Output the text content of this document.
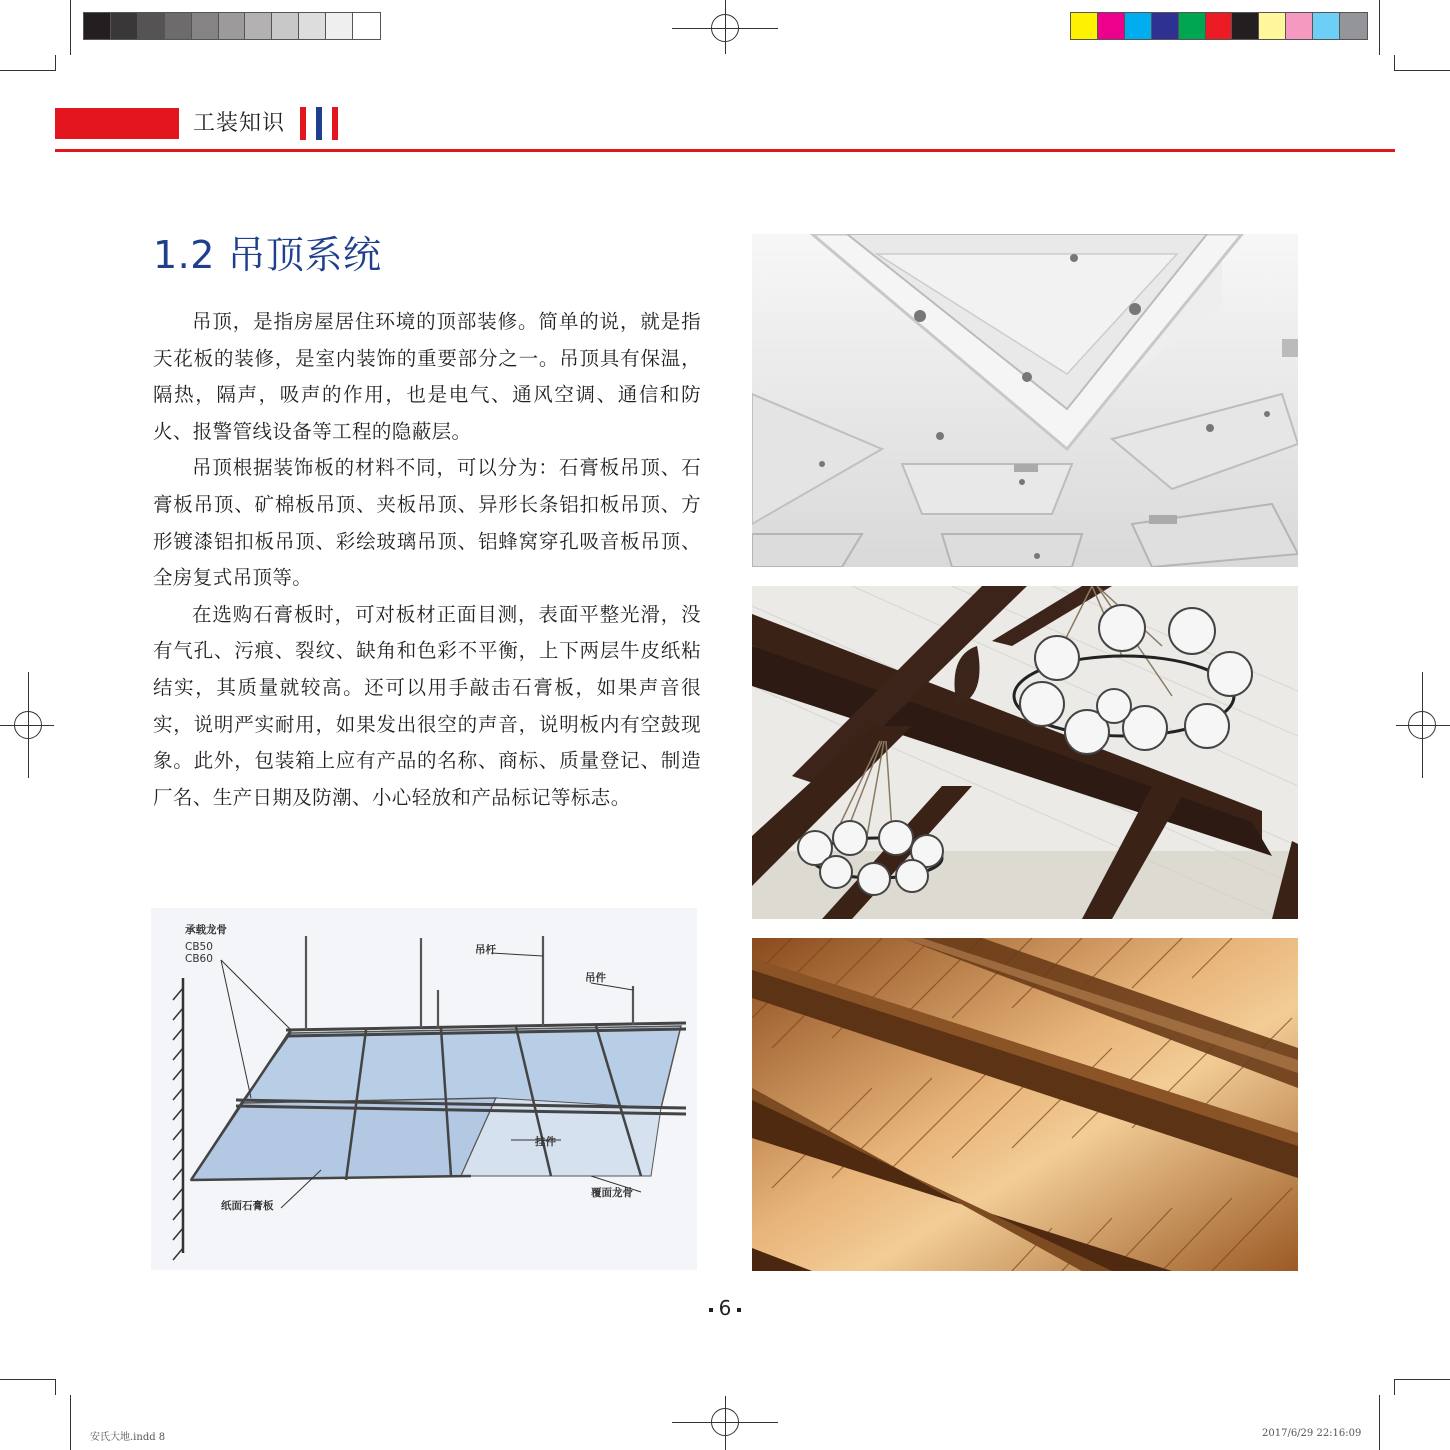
工装知识
1.2 吊顶系统

吊顶，是指房屋居住环境的顶部装修。简单的说，就是指天花板的装修，是室内装饰的重要部分之一。吊顶具有保温，隔热，隔声，吸声的作用，也是电气、通风空调、通信和防火、报警管线设备等工程的隐蔽层。

吊顶根据装饰板的材料不同，可以分为：石膏板吊顶、石膏板吊顶、矿棉板吊顶、夹板吊顶、异形长条铝扣板吊顶、方形镀漆铝扣板吊顶、彩绘玻璃吊顶、铝蜂窝穿孔吸音板吊顶、全房复式吊顶等。

在选购石膏板时，可对板材正面目测，表面平整光滑，没有气孔、污痕、裂纹、缺角和色彩不平衡，上下两层牛皮纸粘结实，其质量就较高。还可以用手敲击石膏板，如果声音很实，说明严实耐用，如果发出很空的声音，说明板内有空鼓现象。此外，包装箱上应有产品的名称、商标、质量登记、制造厂名、生产日期及防潮、小心轻放和产品标记等标志。

承载龙骨
CB50
CB60
吊杆
吊件
挂件
覆面龙骨
纸面石膏板
6
安氏大地.indd 8	2017/6/29 22:16:09
